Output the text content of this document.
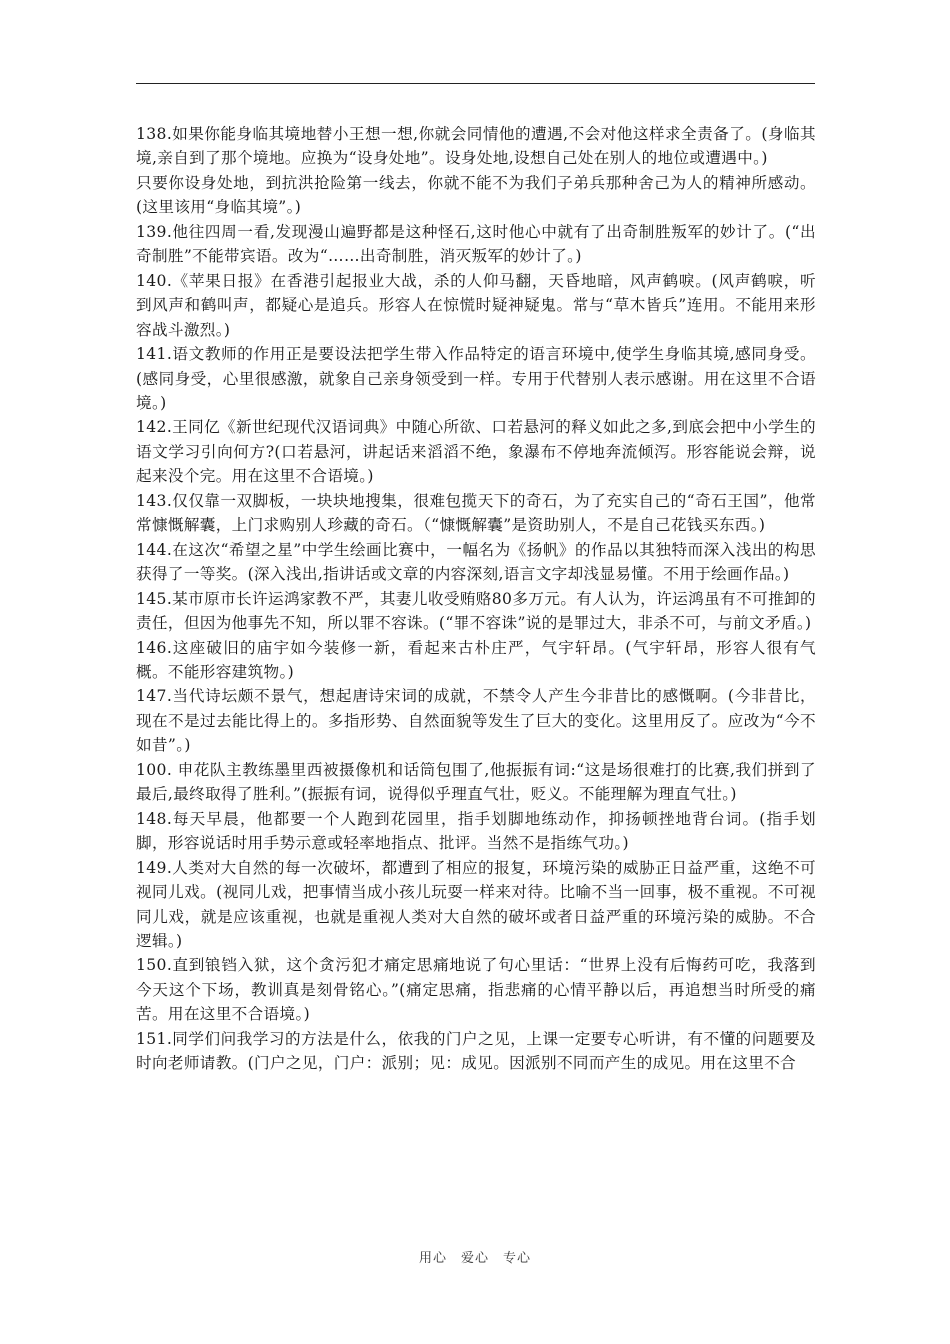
138.如果你能身临其境地替小王想一想,你就会同情他的遭遇,不会对他这样求全责备了。(身临其境,亲自到了那个境地。应换为“设身处地”。设身处地,设想自己处在别人的地位或遭遇中。)

只要你设身处地，到抗洪抢险第一线去，你就不能不为我们子弟兵那种舍己为人的精神所感动。(这里该用“身临其境”。)

139.他往四周一看,发现漫山遍野都是这种怪石,这时他心中就有了出奇制胜叛军的妙计了。(“出奇制胜”不能带宾语。改为“……出奇制胜，消灭叛军的妙计了。)

140.《苹果日报》在香港引起报业大战，杀的人仰马翻，天昏地暗，风声鹤唳。(风声鹤唳，听到风声和鹤叫声，都疑心是追兵。形容人在惊慌时疑神疑鬼。常与“草木皆兵”连用。不能用来形容战斗激烈。)

141.语文教师的作用正是要设法把学生带入作品特定的语言环境中,使学生身临其境,感同身受。(感同身受，心里很感激，就象自己亲身领受到一样。专用于代替别人表示感谢。用在这里不合语境。)

142.王同亿《新世纪现代汉语词典》中随心所欲、口若悬河的释义如此之多,到底会把中小学生的语文学习引向何方?(口若悬河，讲起话来滔滔不绝，象瀑布不停地奔流倾泻。形容能说会辩，说起来没个完。用在这里不合语境。)

143.仅仅靠一双脚板，一块块地搜集，很难包揽天下的奇石，为了充实自己的“奇石王国”，他常常慷慨解囊，上门求购别人珍藏的奇石。（“慷慨解囊”是资助别人，不是自己花钱买东西。)

144.在这次“希望之星”中学生绘画比赛中，一幅名为《扬帆》的作品以其独特而深入浅出的构思获得了一等奖。(深入浅出,指讲话或文章的内容深刻,语言文字却浅显易懂。不用于绘画作品。)

145.某市原市长许运鸿家教不严，其妻儿收受贿赂80多万元。有人认为，许运鸿虽有不可推卸的责任，但因为他事先不知，所以罪不容诛。(“罪不容诛”说的是罪过大，非杀不可，与前文矛盾。)

146.这座破旧的庙宇如今装修一新，看起来古朴庄严，气宇轩昂。(气宇轩昂，形容人很有气概。不能形容建筑物。)

147.当代诗坛颇不景气，想起唐诗宋词的成就，不禁令人产生今非昔比的感慨啊。(今非昔比，现在不是过去能比得上的。多指形势、自然面貌等发生了巨大的变化。这里用反了。应改为“今不如昔”。)

100. 申花队主教练墨里西被摄像机和话筒包围了,他振振有词:“这是场很难打的比赛,我们拼到了最后,最终取得了胜利。”(振振有词，说得似乎理直气壮，贬义。不能理解为理直气壮。)

148.每天早晨，他都要一个人跑到花园里，指手划脚地练动作，抑扬顿挫地背台词。(指手划脚，形容说话时用手势示意或轻率地指点、批评。当然不是指练气功。)

149.人类对大自然的每一次破坏，都遭到了相应的报复，环境污染的威胁正日益严重，这绝不可视同儿戏。(视同儿戏，把事情当成小孩儿玩耍一样来对待。比喻不当一回事，极不重视。不可视同儿戏，就是应该重视，也就是重视人类对大自然的破坏或者日益严重的环境污染的威胁。不合逻辑。)

150.直到锒铛入狱，这个贪污犯才痛定思痛地说了句心里话：“世界上没有后悔药可吃，我落到今天这个下场，教训真是刻骨铭心。”(痛定思痛，指悲痛的心情平静以后，再追想当时所受的痛苦。用在这里不合语境。)

151.同学们问我学习的方法是什么，依我的门户之见，上课一定要专心听讲，有不懂的问题要及时向老师请教。(门户之见，门户：派别；见：成见。因派别不同而产生的成见。用在这里不合

用心　爱心　专心
